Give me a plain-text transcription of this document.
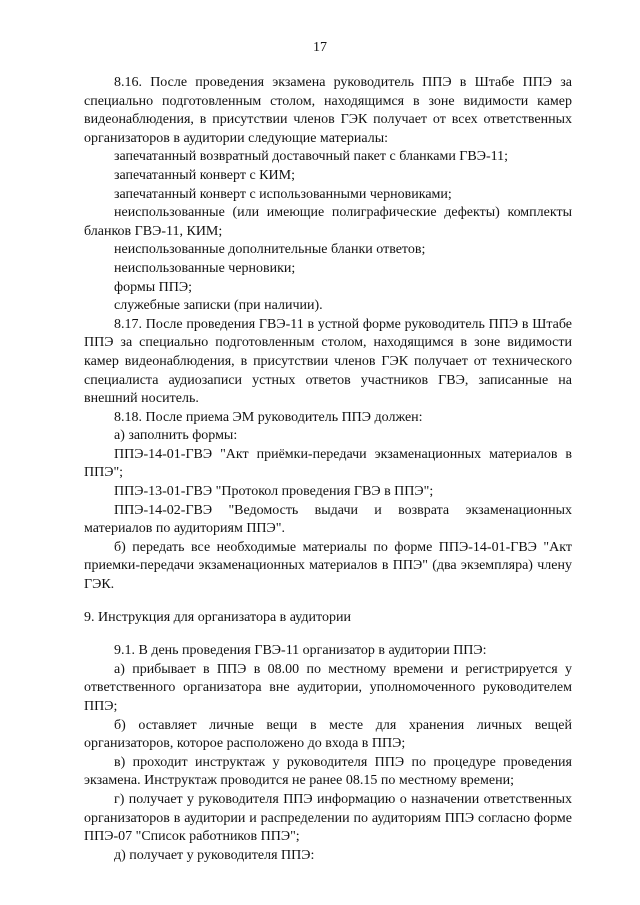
17

8.16. После проведения экзамена руководитель ППЭ в Штабе ППЭ за специально подготовленным столом, находящимся в зоне видимости камер видеонаблюдения, в присутствии членов ГЭК получает от всех ответственных организаторов в аудитории следующие материалы:

запечатанный возвратный доставочный пакет с бланками ГВЭ-11;

запечатанный конверт с КИМ;

запечатанный конверт с использованными черновиками;

неиспользованные (или имеющие полиграфические дефекты) комплекты бланков ГВЭ-11, КИМ;

неиспользованные дополнительные бланки ответов;

неиспользованные черновики;

формы ППЭ;

служебные записки (при наличии).

8.17. После проведения ГВЭ-11 в устной форме руководитель ППЭ в Штабе ППЭ за специально подготовленным столом, находящимся в зоне видимости камер видеонаблюдения, в присутствии членов ГЭК получает от технического специалиста аудиозаписи устных ответов участников ГВЭ, записанные на внешний носитель.

8.18. После приема ЭМ руководитель ППЭ должен:

а) заполнить формы:

ППЭ-14-01-ГВЭ "Акт приёмки-передачи экзаменационных материалов в ППЭ";

ППЭ-13-01-ГВЭ "Протокол проведения ГВЭ в ППЭ";

ППЭ-14-02-ГВЭ "Ведомость выдачи и возврата экзаменационных материалов по аудиториям ППЭ".

б) передать все необходимые материалы по форме ППЭ-14-01-ГВЭ "Акт приемки-передачи экзаменационных материалов в ППЭ" (два экземпляра) члену ГЭК.

9. Инструкция для организатора в аудитории

9.1. В день проведения ГВЭ-11 организатор в аудитории ППЭ:

а) прибывает в ППЭ в 08.00 по местному времени и регистрируется у ответственного организатора вне аудитории, уполномоченного руководителем ППЭ;

б) оставляет личные вещи в месте для хранения личных вещей организаторов, которое расположено до входа в ППЭ;

в) проходит инструктаж у руководителя ППЭ по процедуре проведения экзамена. Инструктаж проводится не ранее 08.15 по местному времени;

г) получает у руководителя ППЭ информацию о назначении ответственных организаторов в аудитории и распределении по аудиториям ППЭ согласно форме ППЭ-07 "Список работников ППЭ";

д) получает у руководителя ППЭ:
